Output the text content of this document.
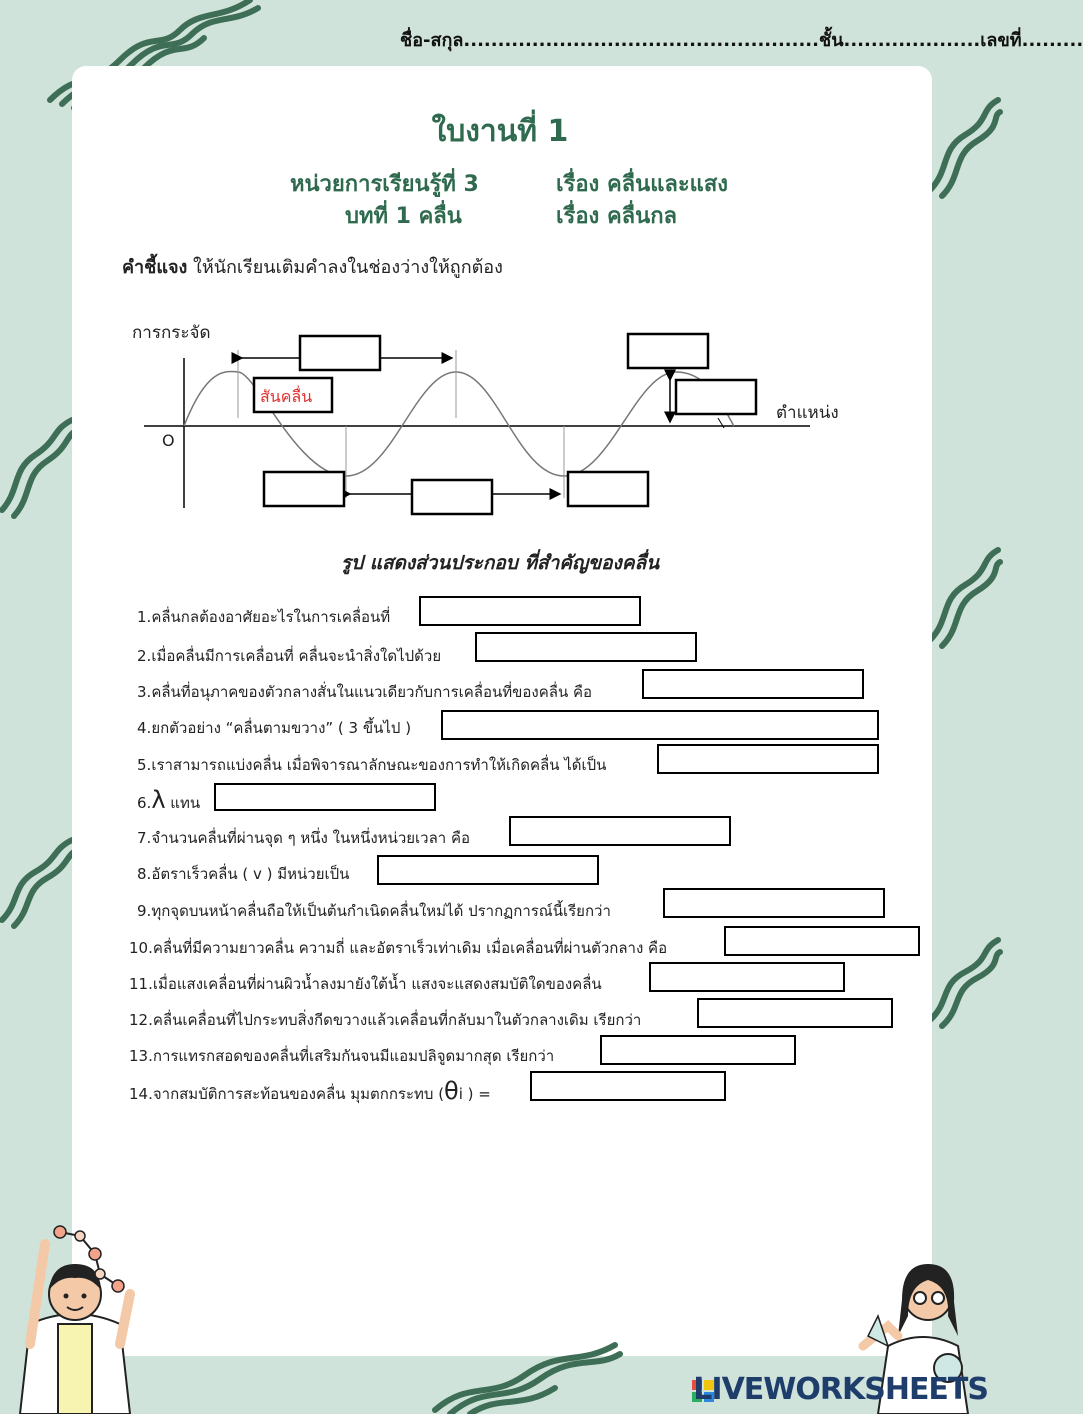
ชื่อ-สกุล....................................................ชั้น....................เลขที่.........
ใบงานที่ 1
หน่วยการเรียนรู้ที่ 3	เรื่อง คลื่นและแสง
บทที่ 1 คลื่น	เรื่อง คลื่นกล
คำชี้แจง ให้นักเรียนเติมคำลงในช่องว่างให้ถูกต้อง
การกระจัด
ตำแหน่ง
O
สันคลื่น
รูป แสดงส่วนประกอบ ที่สำคัญของคลื่น
1.คลื่นกลต้องอาศัยอะไรในการเคลื่อนที่
2.เมื่อคลื่นมีการเคลื่อนที่ คลื่นจะนำสิ่งใดไปด้วย
3.คลื่นที่อนุภาคของตัวกลางสั่นในแนวเดียวกับการเคลื่อนที่ของคลื่น คือ
4.ยกตัวอย่าง “คลื่นตามขวาง” ( 3 ขึ้นไป )
5.เราสามารถแบ่งคลื่น เมื่อพิจารณาลักษณะของการทำให้เกิดคลื่น ได้เป็น
6.λ แทน
7.จำนวนคลื่นที่ผ่านจุด ๆ หนึ่ง ในหนึ่งหน่วยเวลา คือ
8.อัตราเร็วคลื่น ( v ) มีหน่วยเป็น
9.ทุกจุดบนหน้าคลื่นถือให้เป็นต้นกำเนิดคลื่นใหม่ได้ ปรากฏการณ์นี้เรียกว่า
10.คลื่นที่มีความยาวคลื่น ความถี่ และอัตราเร็วเท่าเดิม เมื่อเคลื่อนที่ผ่านตัวกลาง คือ
11.เมื่อแสงเคลื่อนที่ผ่านผิวน้ำลงมายังใต้น้ำ แสงจะแสดงสมบัติใดของคลื่น
12.คลื่นเคลื่อนที่ไปกระทบสิ่งกีดขวางแล้วเคลื่อนที่กลับมาในตัวกลางเดิม เรียกว่า
13.การแทรกสอดของคลื่นที่เสริมกันจนมีแอมปลิจูดมากสุด เรียกว่า
14.จากสมบัติการสะท้อนของคลื่น มุมตกกระทบ (θi ) =
LIVEWORKSHEETS
